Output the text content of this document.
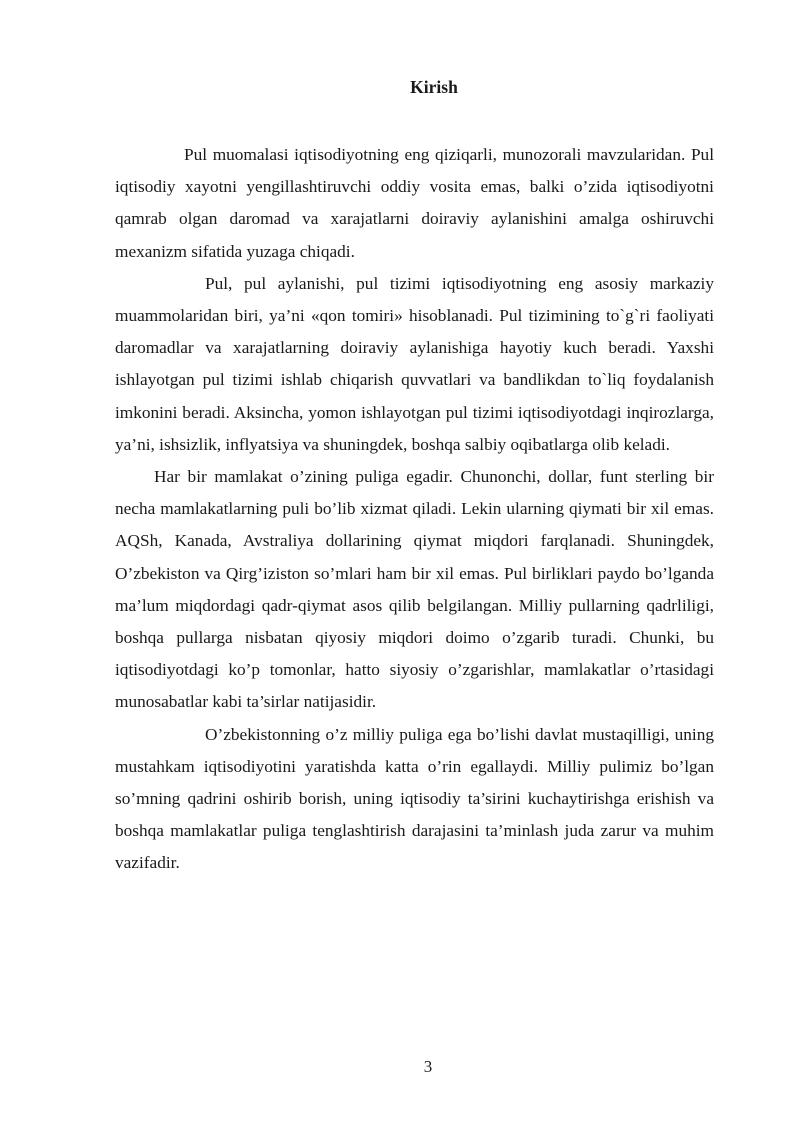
Kirish

Pul muomalasi iqtisodiyotning eng qiziqarli, munozorali mavzularidan. Pul iqtisodiy xayotni yengillashtiruvchi oddiy vosita emas, balki o’zida iqtisodiyotni qamrab olgan daromad va xarajatlarni doiraviy aylanishini amalga oshiruvchi mexanizm sifatida yuzaga chiqadi.

Pul, pul aylanishi, pul tizimi iqtisodiyotning eng asosiy markaziy muammolaridan biri, ya’ni «qon tomiri» hisoblanadi. Pul tizimining to`g`ri faoliyati daromadlar va xarajatlarning doiraviy aylanishiga hayotiy kuch beradi. Yaxshi ishlayotgan pul tizimi ishlab chiqarish quvvatlari va bandlikdan to`liq foydalanish imkonini beradi. Aksincha, yomon ishlayotgan pul tizimi iqtisodiyotdagi inqirozlarga, ya’ni, ishsizlik, inflyatsiya va shuningdek, boshqa salbiy oqibatlarga olib keladi.

Har bir mamlakat o’zining puliga egadir. Chunonchi, dollar, funt sterling bir necha mamlakatlarning puli bo’lib xizmat qiladi. Lekin ularning qiymati bir xil emas. AQSh, Kanada, Avstraliya dollarining qiymat miqdori farqlanadi. Shuningdek, O’zbekiston va Qirg’iziston so’mlari ham bir xil emas. Pul birliklari paydo bo’lganda ma’lum miqdordagi qadr-qiymat asos qilib belgilangan. Milliy pullarning qadrliligi, boshqa pullarga nisbatan qiyosiy miqdori doimo o’zgarib turadi. Chunki, bu iqtisodiyotdagi ko’p tomonlar, hatto siyosiy o’zgarishlar, mamlakatlar o’rtasidagi munosabatlar kabi ta’sirlar natijasidir.

O’zbekistonning o’z milliy puliga ega bo’lishi davlat mustaqilligi, uning mustahkam iqtisodiyotini yaratishda katta o’rin egallaydi. Milliy pulimiz bo’lgan so’mning qadrini oshirib borish, uning iqtisodiy ta’sirini kuchaytirishga erishish va boshqa mamlakatlar puliga tenglashtirish darajasini ta’minlash juda zarur va muhim vazifadir.

3
